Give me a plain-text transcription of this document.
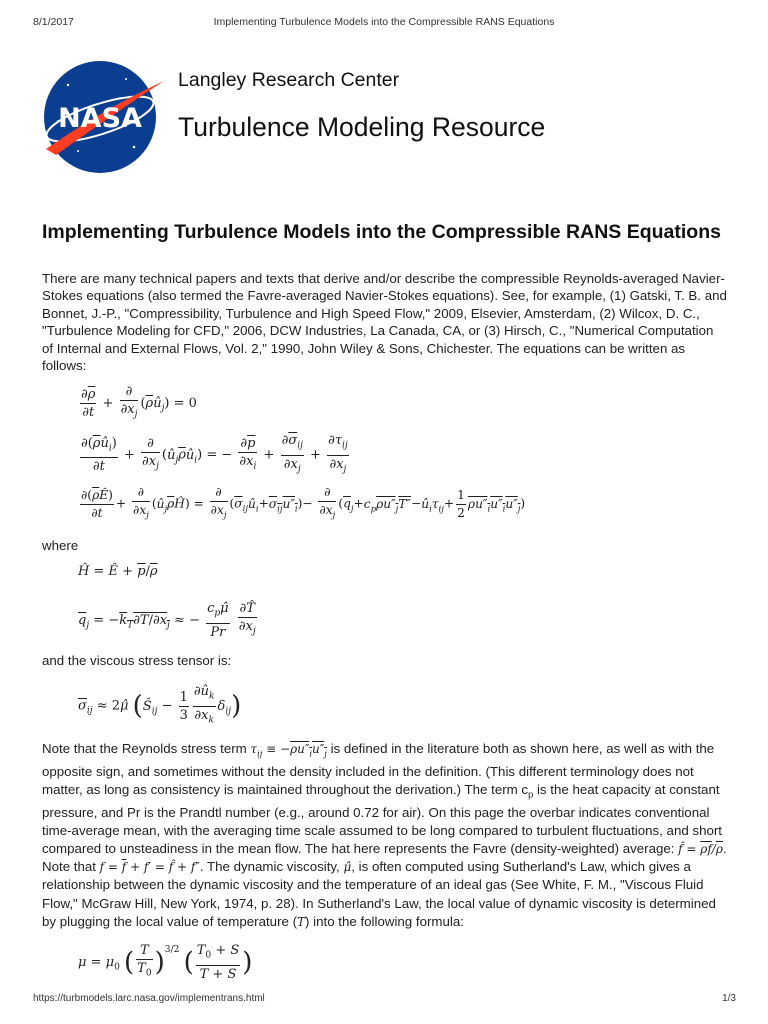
8/1/2017	Implementing Turbulence Models into the Compressible RANS Equations
NASA
Langley Research Center
Turbulence Modeling Resource
Implementing Turbulence Models into the Compressible RANS Equations

There are many technical papers and texts that derive and/or describe the compressible Reynolds-averaged Navier-Stokes equations (also termed the Favre-averaged Navier-Stokes equations). See, for example, (1) Gatski, T. B. and Bonnet, J.-P., "Compressibility, Turbulence and High Speed Flow," 2009, Elsevier, Amsterdam, (2) Wilcox, D. C., "Turbulence Modeling for CFD," 2006, DCW Industries, La Canada, CA, or (3) Hirsch, C., "Numerical Computation of Internal and External Flows, Vol. 2," 1990, John Wiley & Sons, Chichester. The equations can be written as follows:

$\frac{\partial\overline{\rho}}{\partial t} + \frac{\partial}{\partial x_j}$ $(\overline{\rho}û_j) = 0$
$\frac{\partial(\overline{\rho}û_i)}{\partial t} + \frac{\partial}{\partial x_j}$ $(û_j\overline{\rho}û_i)$ = − $\frac{\partial\overline{p}}{\partial x_i} + \frac{\partial\overline{\sigma}_{ij}}{\partial x_j} + \frac{\partial\tau_{ij}}{\partial x_j}$
$\frac{\partial(\overline{\rho}Ê)}{\partial t} + \frac{\partial}{\partial x_j}$ $(û_j\overline{\rho}Ĥ) = \frac{\partial}{\partial x_j}$ $(\overline{\sigma}_{ij}û_i+\sigma_{ij}u''_i)- \frac{\partial}{\partial x_j}$ $(\overline{q}_j+c_p\rho u''_jT''-û_i\tau_{ij}+ \frac{1}{2} \rho u''_iu''_iu''_j)$

where

Ĥ = Ê + $\overline{p}/\overline{\rho}$
$\overline{q}_j = -k_T\partial T/\partial x_j$ ≈ − $\frac{c_p\mû}{Pr}$
$\frac{\partial T̂}{\partial x_j}$

and the viscous stress tensor is:

$\overline{\sigma}_{ij}$ ≈ 2μ̂ $(Ŝ_{ij} - \frac{1}{3} \frac{\partial û_k}{\partial x_k} \delta_{ij})$

Note that the Reynolds stress term $\tau_{ij} \equiv -\rho u''_iu''_j$ is defined in the literature both as shown here, as well as with the opposite sign, and sometimes without the density included in the definition. (This different terminology does not matter, as long as consistency is maintained throughout the derivation.) The term $c_p$ is the heat capacity at constant pressure, and Pr is the Prandtl number (e.g., around 0.72 for air). On this page the overbar indicates conventional time-average mean, with the averaging time scale assumed to be long compared to turbulent fluctuations, and short compared to unsteadiness in the mean flow. The hat here represents the Favre (density-weighted) average: f̂ = $\overline{\rho f}/\overline{\rho}$. Note that $f = \overline{f} + f'$ = f̂ + f″. The dynamic viscosity, μ̂, is often computed using Sutherland's Law, which gives a relationship between the dynamic viscosity and the temperature of an ideal gas (See White, F. M., "Viscous Fluid Flow," McGraw Hill, New York, 1974, p. 28). In Sutherland's Law, the local value of dynamic viscosity is determined by plugging the local value of temperature (T) into the following formula:

$\mu = \mu_0$ ( $\frac{T}{T_0} )^{3/2}$ ( $\frac{T_0 + S}{T + S}$ )
https://turbmodels.larc.nasa.gov/implementrans.html	1/3
